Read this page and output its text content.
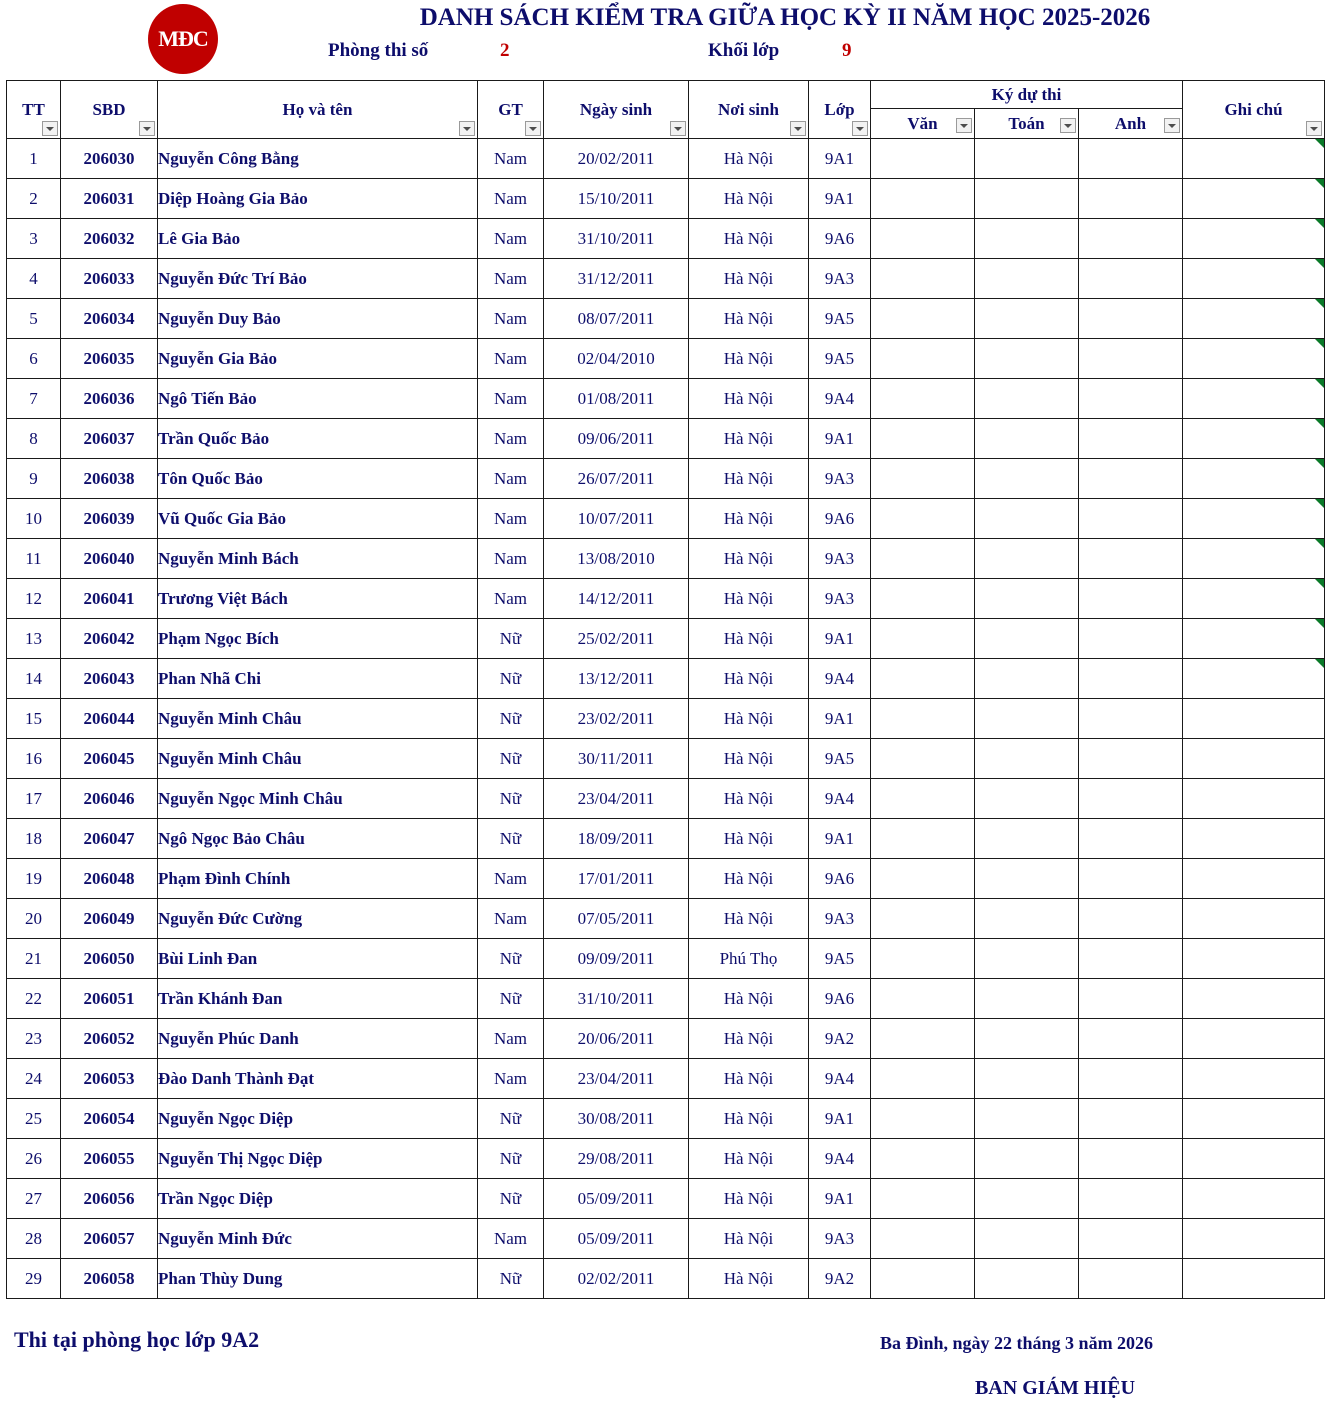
MĐC
DANH SÁCH KIỂM TRA GIỮA HỌC KỲ II NĂM HỌC 2025-2026
Phòng thi số	2	Khối lớp	9
TT	SBD	Họ và tên	GT	Ngày sinh	Nơi sinh	Lớp	Ký dự thi			Ghi chú

							Văn	Toán	Anh	

1	206030	Nguyễn Công Bằng	Nam	20/02/2011	Hà Nội	9A1				

2	206031	Diệp Hoàng Gia Bảo	Nam	15/10/2011	Hà Nội	9A1				

3	206032	Lê Gia Bảo	Nam	31/10/2011	Hà Nội	9A6				

4	206033	Nguyễn Đức Trí Bảo	Nam	31/12/2011	Hà Nội	9A3				

5	206034	Nguyễn Duy Bảo	Nam	08/07/2011	Hà Nội	9A5				

6	206035	Nguyễn Gia Bảo	Nam	02/04/2010	Hà Nội	9A5				

7	206036	Ngô Tiến Bảo	Nam	01/08/2011	Hà Nội	9A4				

8	206037	Trần Quốc Bảo	Nam	09/06/2011	Hà Nội	9A1				

9	206038	Tôn Quốc Bảo	Nam	26/07/2011	Hà Nội	9A3				

10	206039	Vũ Quốc Gia Bảo	Nam	10/07/2011	Hà Nội	9A6				

11	206040	Nguyễn Minh Bách	Nam	13/08/2010	Hà Nội	9A3				

12	206041	Trương Việt Bách	Nam	14/12/2011	Hà Nội	9A3				

13	206042	Phạm Ngọc Bích	Nữ	25/02/2011	Hà Nội	9A1				

14	206043	Phan Nhã Chi	Nữ	13/12/2011	Hà Nội	9A4				

15	206044	Nguyễn Minh Châu	Nữ	23/02/2011	Hà Nội	9A1				
16	206045	Nguyễn Minh Châu	Nữ	30/11/2011	Hà Nội	9A5				
17	206046	Nguyễn Ngọc Minh Châu	Nữ	23/04/2011	Hà Nội	9A4				
18	206047	Ngô Ngọc Bảo Châu	Nữ	18/09/2011	Hà Nội	9A1				
19	206048	Phạm Đình Chính	Nam	17/01/2011	Hà Nội	9A6				
20	206049	Nguyễn Đức Cường	Nam	07/05/2011	Hà Nội	9A3				
21	206050	Bùi Linh Đan	Nữ	09/09/2011	Phú Thọ	9A5				
22	206051	Trần Khánh Đan	Nữ	31/10/2011	Hà Nội	9A6				
23	206052	Nguyễn Phúc Danh	Nam	20/06/2011	Hà Nội	9A2				
24	206053	Đào Danh Thành Đạt	Nam	23/04/2011	Hà Nội	9A4				
25	206054	Nguyễn Ngọc Diệp	Nữ	30/08/2011	Hà Nội	9A1				
26	206055	Nguyễn Thị Ngọc Diệp	Nữ	29/08/2011	Hà Nội	9A4				
27	206056	Trần Ngọc Diệp	Nữ	05/09/2011	Hà Nội	9A1				
28	206057	Nguyễn Minh Đức	Nam	05/09/2011	Hà Nội	9A3				
29	206058	Phan Thùy Dung	Nữ	02/02/2011	Hà Nội	9A2				
Thi tại phòng học lớp 9A2	Ba Đình, ngày 22 tháng 3 năm 2026
BAN GIÁM HIỆU
